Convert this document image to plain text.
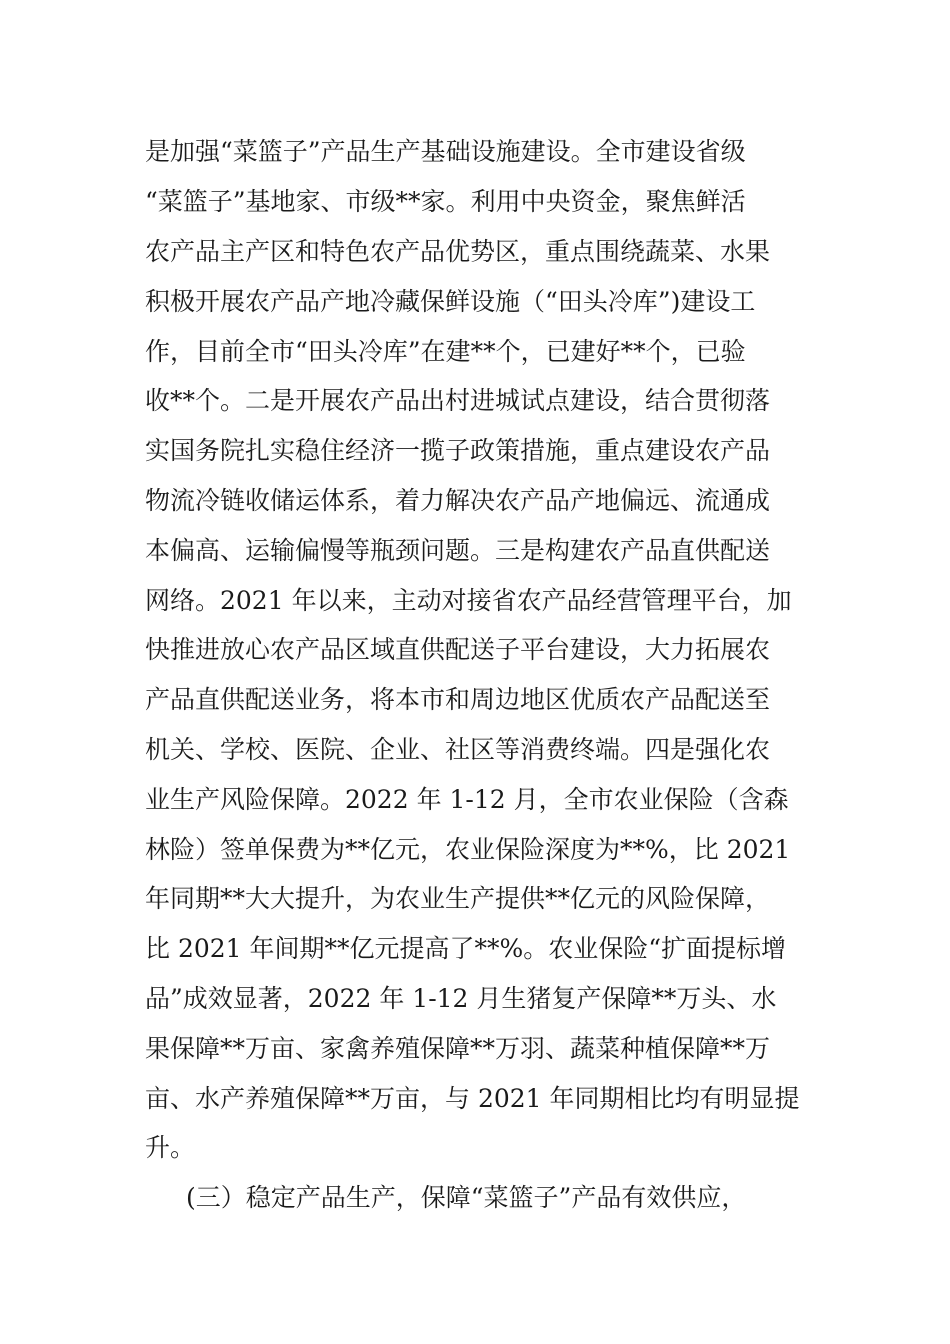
是加强“菜篮子”产品生产基础设施建设。全市建设省级

“菜篮子”基地家、市级**家。利用中央资金，聚焦鲜活

农产品主产区和特色农产品优势区，重点围绕蔬菜、水果

积极开展农产品产地冷藏保鲜设施（“田头冷库”)建设工

作，目前全市“田头冷库”在建**个，已建好**个，已验

收**个。二是开展农产品出村进城试点建设，结合贯彻落

实国务院扎实稳住经济一揽子政策措施，重点建设农产品

物流冷链收储运体系，着力解决农产品产地偏远、流通成

本偏高、运输偏慢等瓶颈问题。三是构建农产品直供配送

网络。2021 年以来，主动对接省农产品经营管理平台，加

快推进放心农产品区域直供配送子平台建设，大力拓展农

产品直供配送业务，将本市和周边地区优质农产品配送至

机关、学校、医院、企业、社区等消费终端。四是强化农

业生产风险保障。2022 年 1-12 月，全市农业保险（含森

林险）签单保费为**亿元，农业保险深度为**%，比 2021

年同期**大大提升，为农业生产提供**亿元的风险保障，

比 2021 年间期**亿元提高了**%。农业保险“扩面提标增

品”成效显著，2022 年 1-12 月生猪复产保障**万头、水

果保障**万亩、家禽养殖保障**万羽、蔬菜种植保障**万

亩、水产养殖保障**万亩，与 2021 年同期相比均有明显提

升。

(三）稳定产品生产，保障“菜篮子”产品有效供应，
